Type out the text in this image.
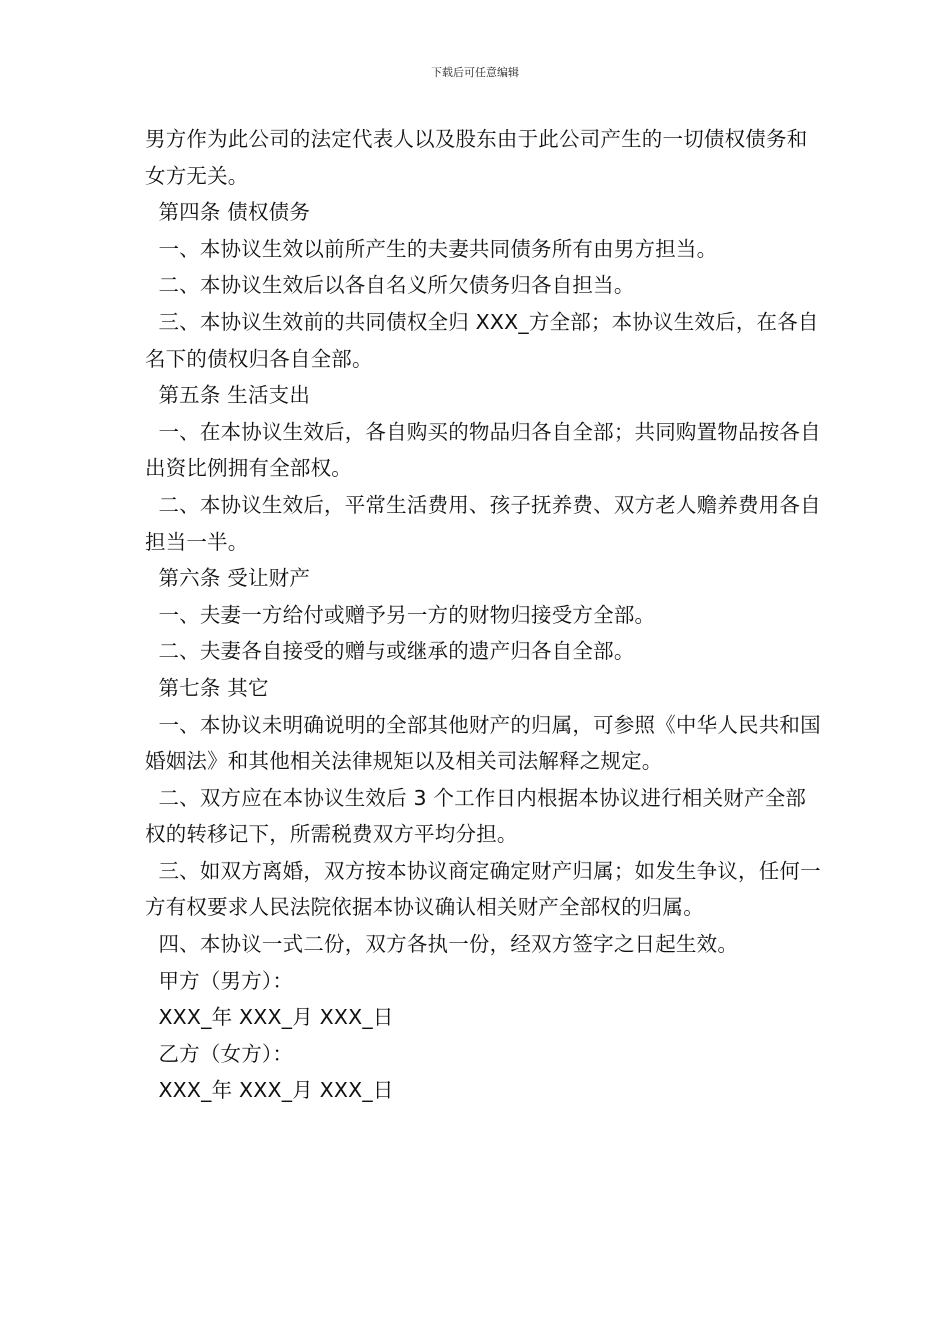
下载后可任意编辑

男方作为此公司的法定代表人以及股东由于此公司产生的一切债权债务和女方无关。

第四条 债权债务

一、本协议生效以前所产生的夫妻共同债务所有由男方担当。

二、本协议生效后以各自名义所欠债务归各自担当。

三、本协议生效前的共同债权全归 XXX_方全部；本协议生效后，在各自名下的债权归各自全部。

第五条 生活支出

一、在本协议生效后，各自购买的物品归各自全部；共同购置物品按各自出资比例拥有全部权。

二、本协议生效后，平常生活费用、孩子抚养费、双方老人赡养费用各自担当一半。

第六条 受让财产

一、夫妻一方给付或赠予另一方的财物归接受方全部。

二、夫妻各自接受的赠与或继承的遗产归各自全部。

第七条 其它

一、本协议未明确说明的全部其他财产的归属，可参照《中华人民共和国婚姻法》和其他相关法律规矩以及相关司法解释之规定。

二、双方应在本协议生效后 3 个工作日内根据本协议进行相关财产全部权的转移记下，所需税费双方平均分担。

三、如双方离婚，双方按本协议商定确定财产归属；如发生争议，任何一方有权要求人民法院依据本协议确认相关财产全部权的归属。

四、本协议一式二份，双方各执一份，经双方签字之日起生效。

甲方（男方）：

XXX_年 XXX_月 XXX_日

乙方（女方）：

XXX_年 XXX_月 XXX_日
